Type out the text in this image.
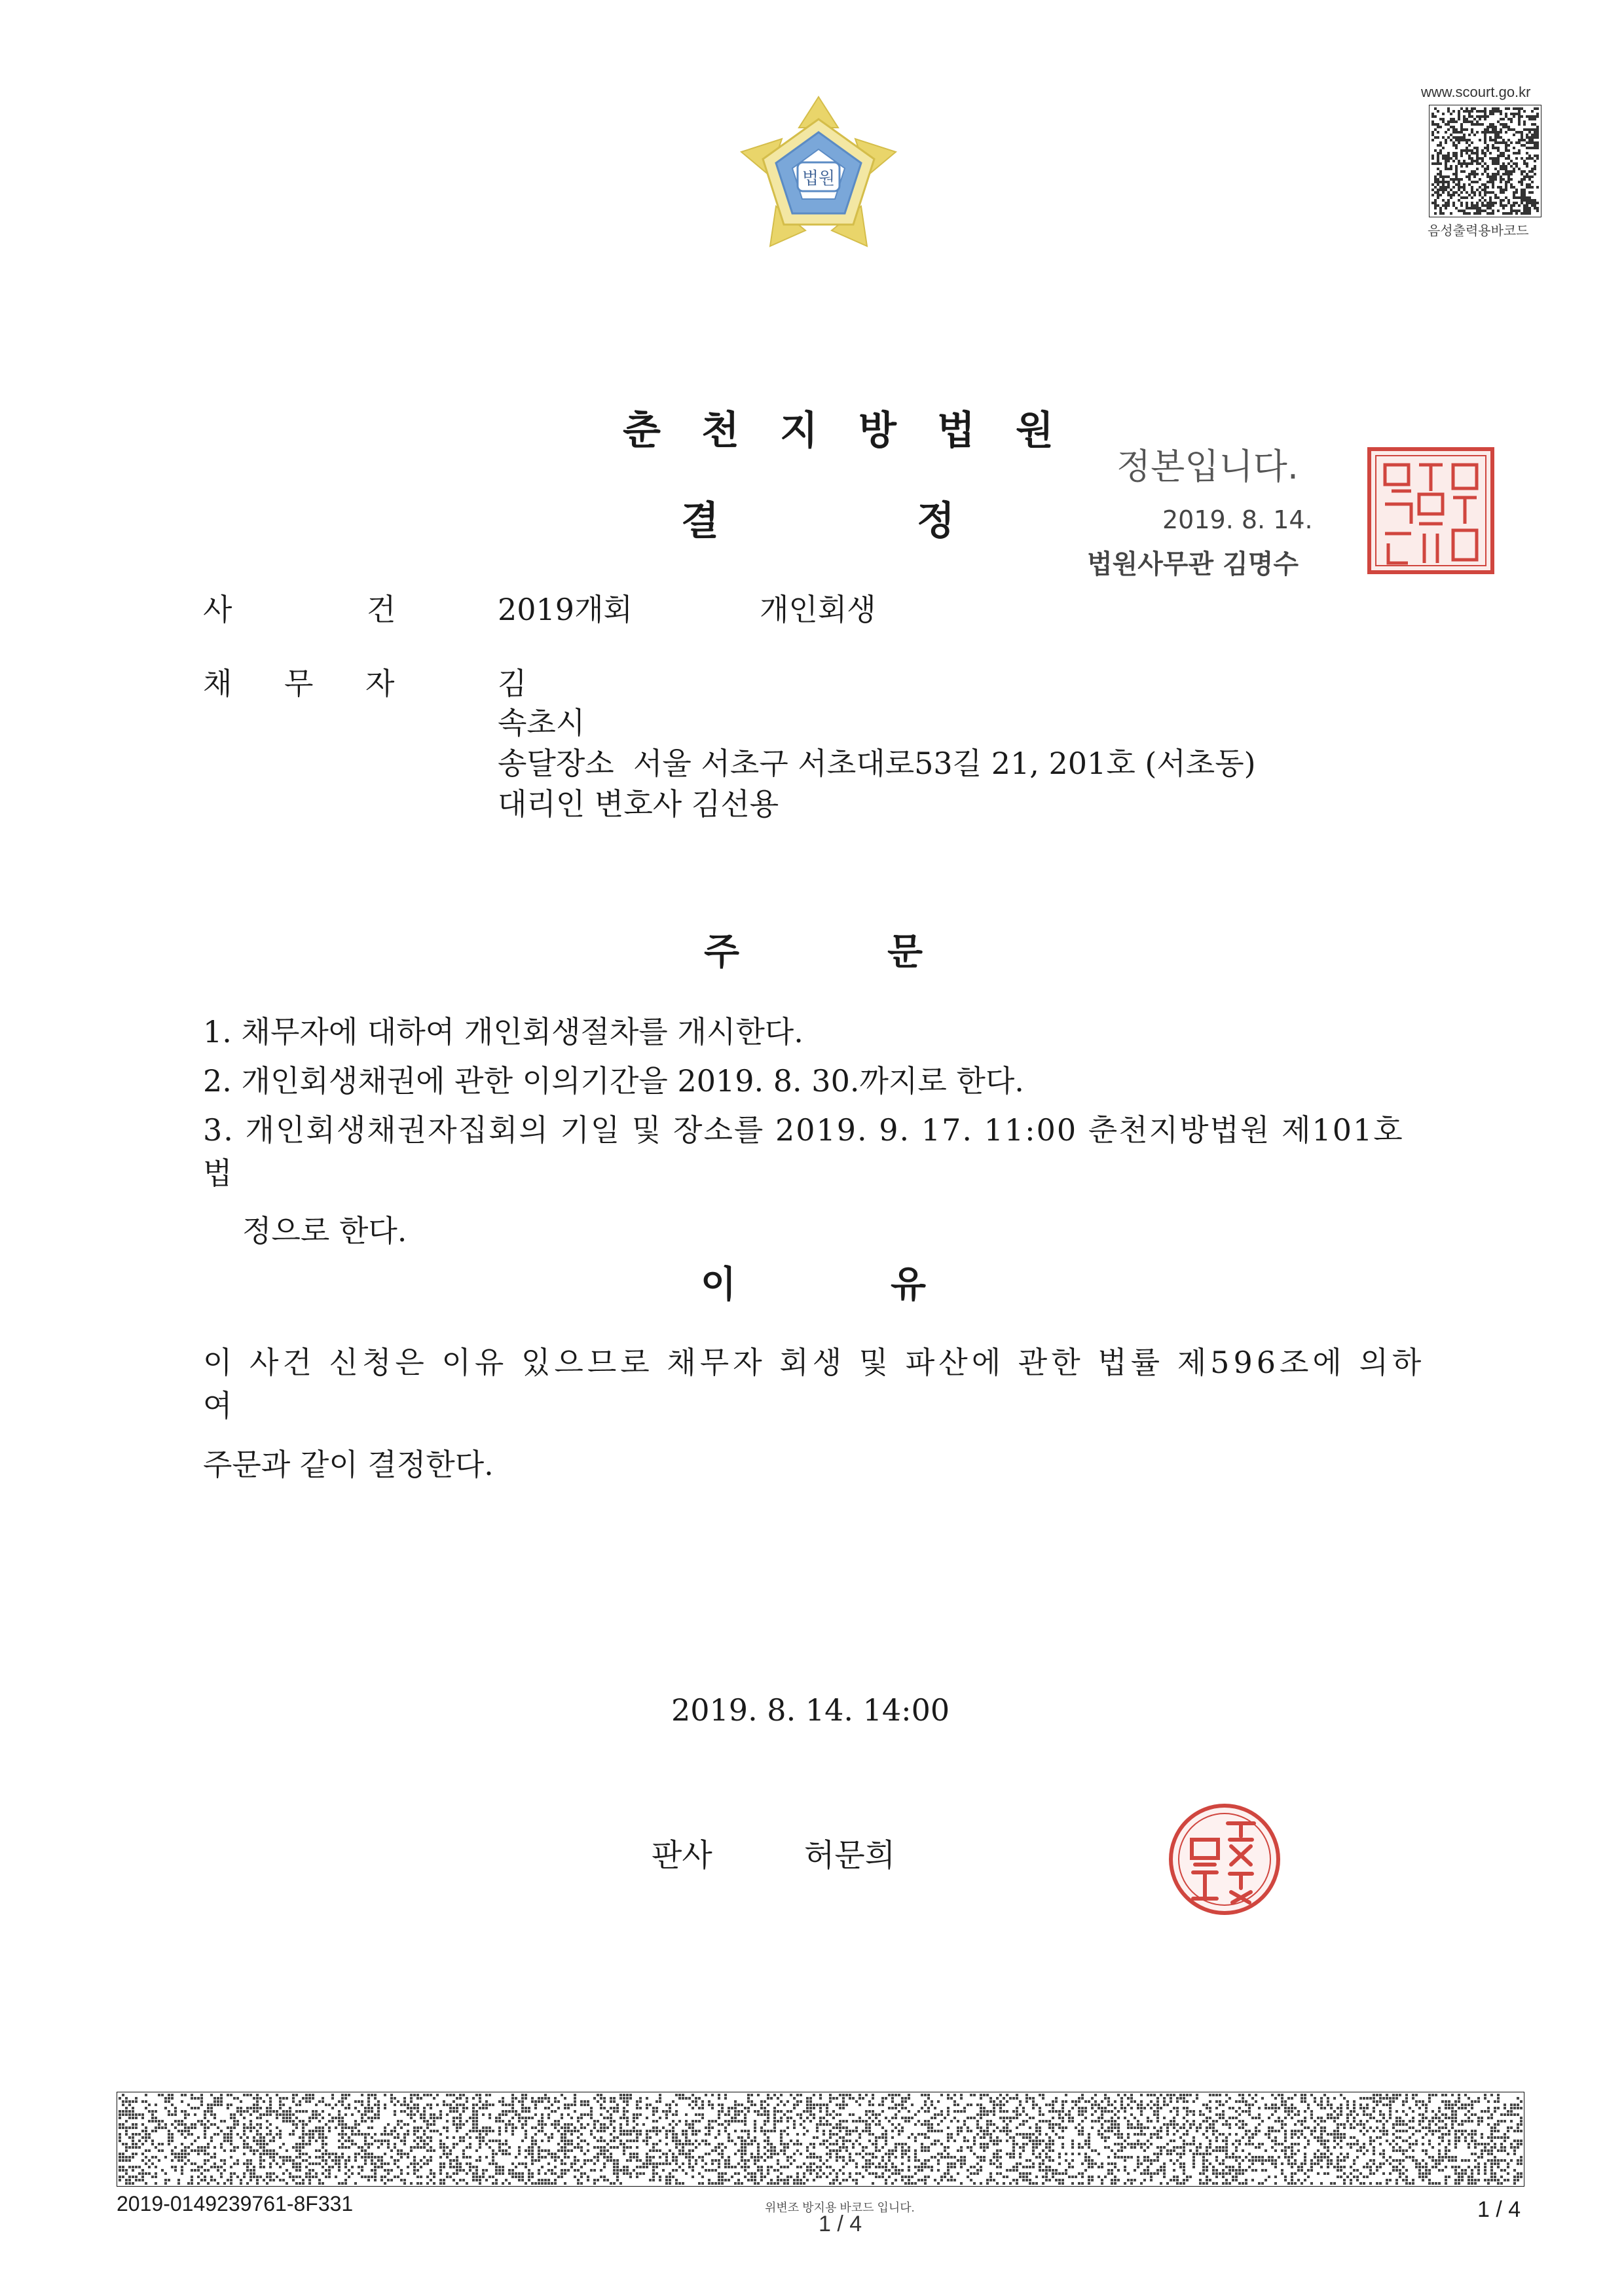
법원
www.scourt.go.kr
음성출력용바코드
춘 천 지 방 법 원
결	정
정본입니다.
2019. 8. 14.
법원사무관 김명수
사	건	2019개회	개인회생
채 무 자	김
속초시
송달장소  서울 서초구 서초대로53길 21, 201호 (서초동)
대리인 변호사 김선용
주	문
1. 채무자에 대하여 개인회생절차를 개시한다.
2. 개인회생채권에 관한 이의기간을 2019. 8. 30.까지로 한다.
3. 개인회생채권자집회의 기일 및 장소를 2019. 9. 17. 11:00 춘천지방법원 제101호법
정으로 한다.
이	유
이 사건 신청은 이유 있으므로 채무자 회생 및 파산에 관한 법률 제596조에 의하여
주문과 같이 결정한다.
2019. 8. 14. 14:00
판사	허문희
2019-0149239761-8F331	위변조 방지용 바코드 입니다.
1 / 4
1 / 4
